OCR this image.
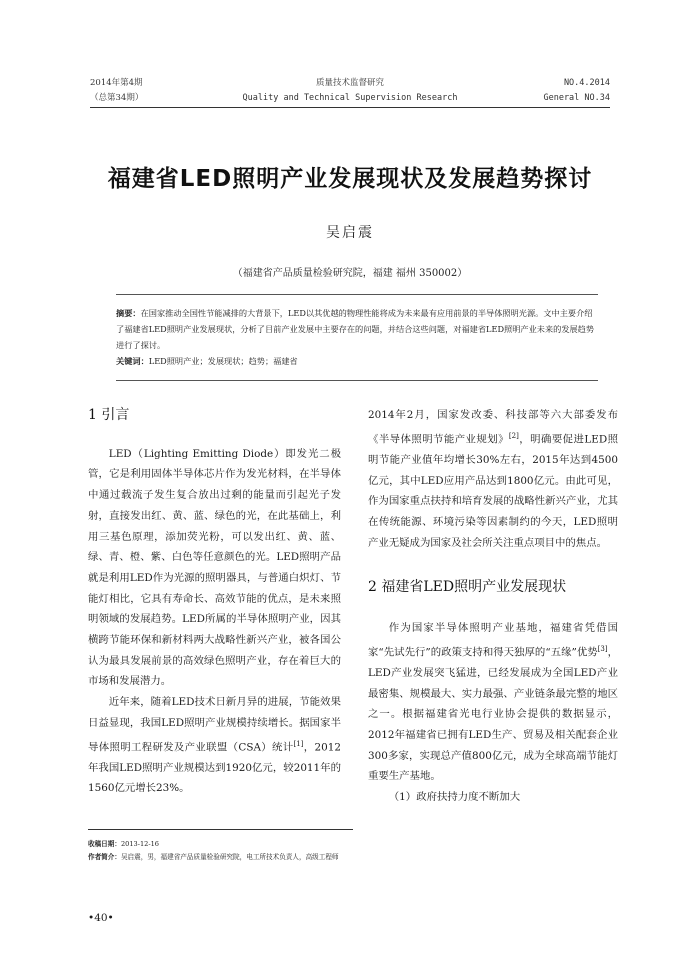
2014年第4期
（总第34期）
质量技术监督研究
Quality and Technical Supervision Research
NO.4.2014
General NO.34
福建省LED照明产业发展现状及发展趋势探讨
吴启震
（福建省产品质量检验研究院，福建 福州 350002）
摘要：在国家推动全国性节能减排的大背景下，LED以其优越的物理性能将成为未来最有应用前景的半导体照明光源。文中主要介绍了福建省LED照明产业发展现状，分析了目前产业发展中主要存在的问题，并结合这些问题，对福建省LED照明产业未来的发展趋势进行了探讨。
关键词：LED照明产业；发展现状；趋势；福建省
1 引言

LED（Lighting Emitting Diode）即发光二极管，它是利用固体半导体芯片作为发光材料，在半导体中通过载流子发生复合放出过剩的能量而引起光子发射，直接发出红、黄、蓝、绿色的光，在此基础上，利用三基色原理，添加荧光粉，可以发出红、黄、蓝、绿、青、橙、紫、白色等任意颜色的光。LED照明产品就是利用LED作为光源的照明器具，与普通白炽灯、节能灯相比，它具有寿命长、高效节能的优点，是未来照明领域的发展趋势。LED所属的半导体照明产业，因其横跨节能环保和新材料两大战略性新兴产业，被各国公认为最具发展前景的高效绿色照明产业，存在着巨大的市场和发展潜力。

近年来，随着LED技术日新月异的进展，节能效果日益显现，我国LED照明产业规模持续增长。据国家半导体照明工程研发及产业联盟（CSA）统计[1]，2012年我国LED照明产业规模达到1920亿元，较2011年的1560亿元增长23%。

2014年2月，国家发改委、科技部等六大部委发布《半导体照明节能产业规划》[2]，明确要促进LED照明节能产业值年均增长30%左右，2015年达到4500亿元，其中LED应用产品达到1800亿元。由此可见，作为国家重点扶持和培育发展的战略性新兴产业，尤其在传统能源、环境污染等因素制约的今天，LED照明产业无疑成为国家及社会所关注重点项目中的焦点。

2 福建省LED照明产业发展现状

作为国家半导体照明产业基地，福建省凭借国家“先试先行”的政策支持和得天独厚的“五缘”优势[3]，LED产业发展突飞猛进，已经发展成为全国LED产业最密集、规模最大、实力最强、产业链条最完整的地区之一。根据福建省光电行业协会提供的数据显示，2012年福建省已拥有LED生产、贸易及相关配套企业300多家，实现总产值800亿元，成为全球高端节能灯重要生产基地。

（1）政府扶持力度不断加大

收稿日期：2013-12-16
作者简介：吴启震，男，福建省产品质量检验研究院，电工所技术负责人，高级工程师
•40•
